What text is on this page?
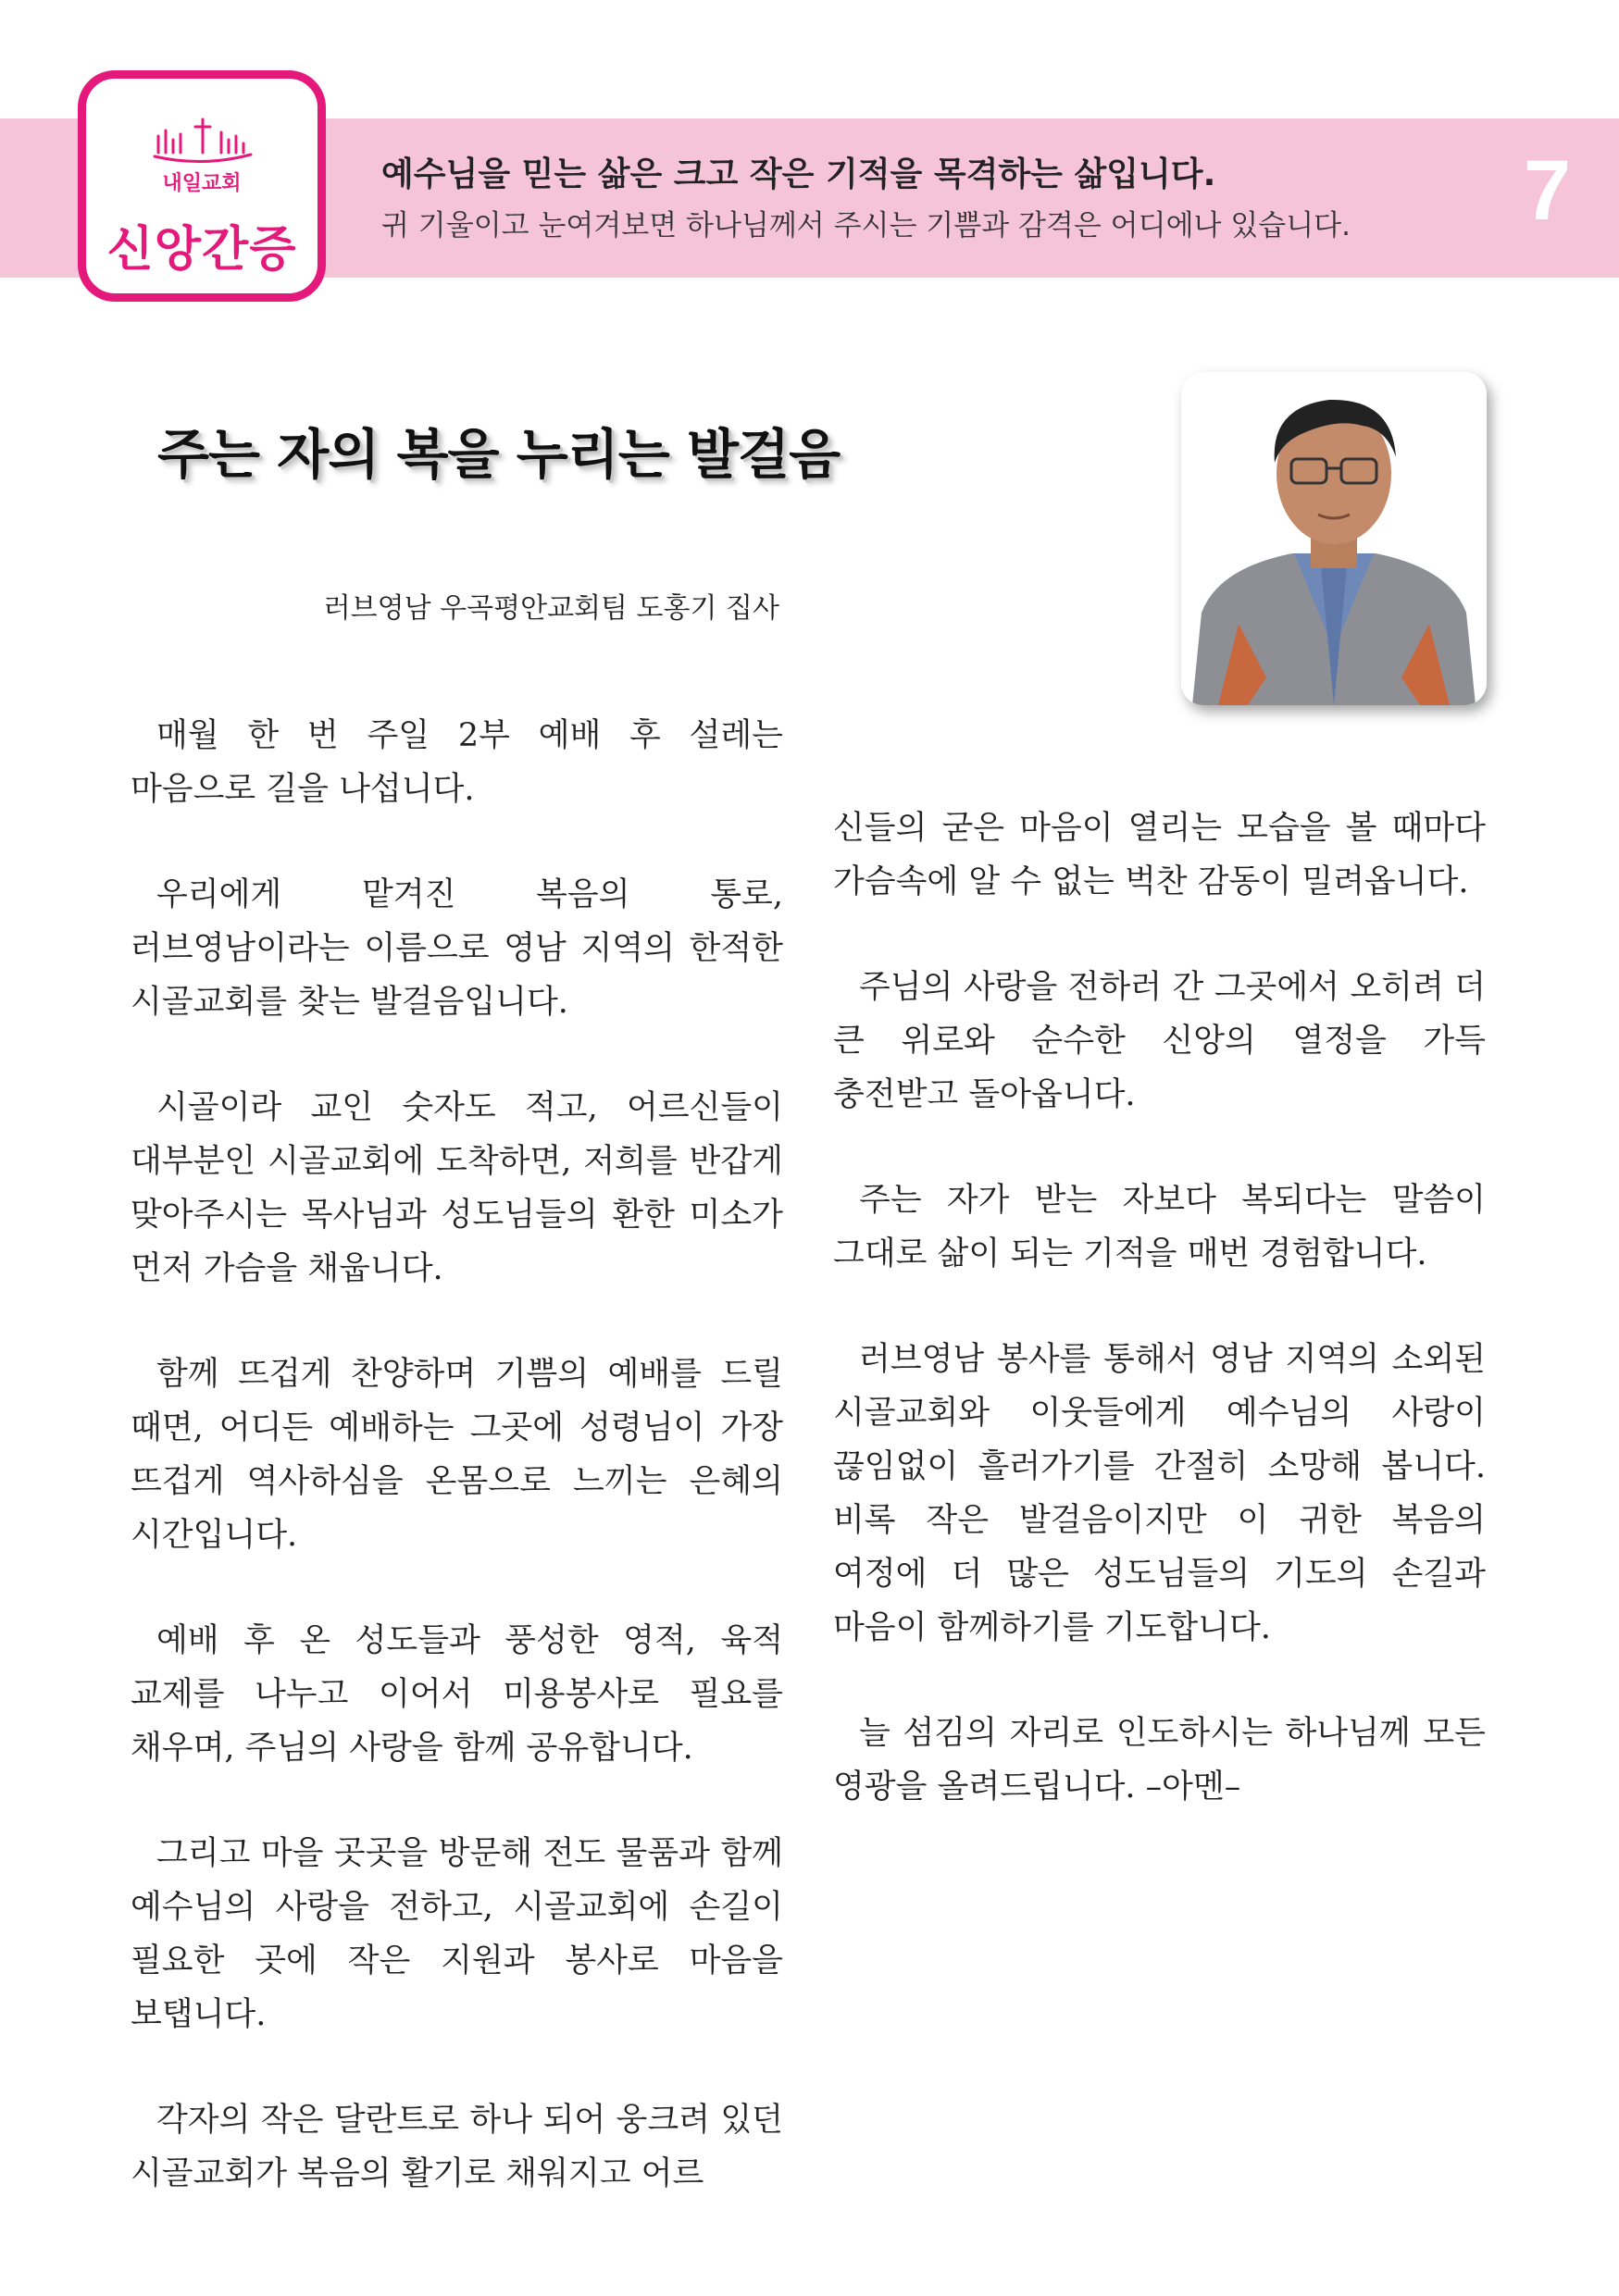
7
예수님을 믿는 삶은 크고 작은 기적을 목격하는 삶입니다.
귀 기울이고 눈여겨보면 하나님께서 주시는 기쁨과 감격은 어디에나 있습니다.
내일교회
신앙간증
주는 자의 복을 누리는 발걸음
러브영남 우곡평안교회팀 도홍기 집사

매월 한 번 주일 2부 예배 후 설레는 마음으로 길을 나섭니다.

우리에게 맡겨진 복음의 통로, 러브영남이라는 이름으로 영남 지역의 한적한 시골교회를 찾는 발걸음입니다.

시골이라 교인 숫자도 적고, 어르신들이 대부분인 시골교회에 도착하면, 저희를 반갑게 맞아주시는 목사님과 성도님들의 환한 미소가 먼저 가슴을 채웁니다.

함께 뜨겁게 찬양하며 기쁨의 예배를 드릴 때면, 어디든 예배하는 그곳에 성령님이 가장 뜨겁게 역사하심을 온몸으로 느끼는 은혜의 시간입니다.

예배 후 온 성도들과 풍성한 영적, 육적 교제를 나누고 이어서 미용봉사로 필요를 채우며, 주님의 사랑을 함께 공유합니다.

그리고 마을 곳곳을 방문해 전도 물품과 함께 예수님의 사랑을 전하고, 시골교회에 손길이 필요한 곳에 작은 지원과 봉사로 마음을 보탭니다.

각자의 작은 달란트로 하나 되어 웅크려 있던 시골교회가 복음의 활기로 채워지고 어르

신들의 굳은 마음이 열리는 모습을 볼 때마다 가슴속에 알 수 없는 벅찬 감동이 밀려옵니다.

주님의 사랑을 전하러 간 그곳에서 오히려 더 큰 위로와 순수한 신앙의 열정을 가득 충전받고 돌아옵니다.

주는 자가 받는 자보다 복되다는 말씀이 그대로 삶이 되는 기적을 매번 경험합니다.

러브영남 봉사를 통해서 영남 지역의 소외된 시골교회와 이웃들에게 예수님의 사랑이 끊임없이 흘러가기를 간절히 소망해 봅니다. 비록 작은 발걸음이지만 이 귀한 복음의 여정에 더 많은 성도님들의 기도의 손길과 마음이 함께하기를 기도합니다.

늘 섬김의 자리로 인도하시는 하나님께 모든 영광을 올려드립니다. –아멘–
